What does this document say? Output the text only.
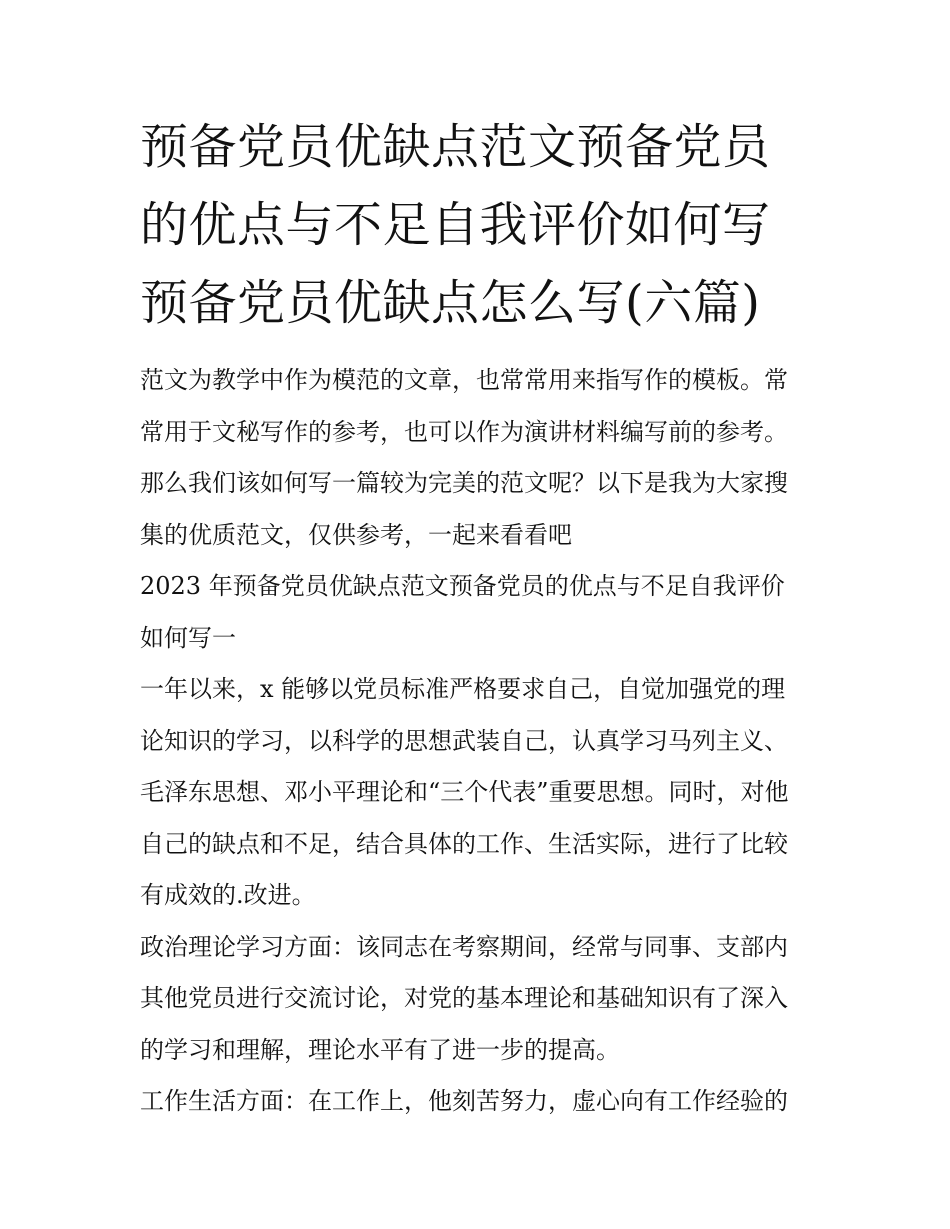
预备党员优缺点范文预备党员
的优点与不足自我评价如何写
预备党员优缺点怎么写(六篇)
范文为教学中作为模范的文章，也常常用来指写作的模板。常
常用于文秘写作的参考，也可以作为演讲材料编写前的参考。
那么我们该如何写一篇较为完美的范文呢？以下是我为大家搜
集的优质范文，仅供参考，一起来看看吧
2023 年预备党员优缺点范文预备党员的优点与不足自我评价
如何写一
一年以来，x 能够以党员标准严格要求自己，自觉加强党的理
论知识的学习，以科学的思想武装自己，认真学习马列主义、
毛泽东思想、邓小平理论和“三个代表”重要思想。同时，对他
自己的缺点和不足，结合具体的工作、生活实际，进行了比较
有成效的.改进。
政治理论学习方面：该同志在考察期间，经常与同事、支部内
其他党员进行交流讨论，对党的基本理论和基础知识有了深入
的学习和理解，理论水平有了进一步的提高。
工作生活方面：在工作上，他刻苦努力，虚心向有工作经验的
